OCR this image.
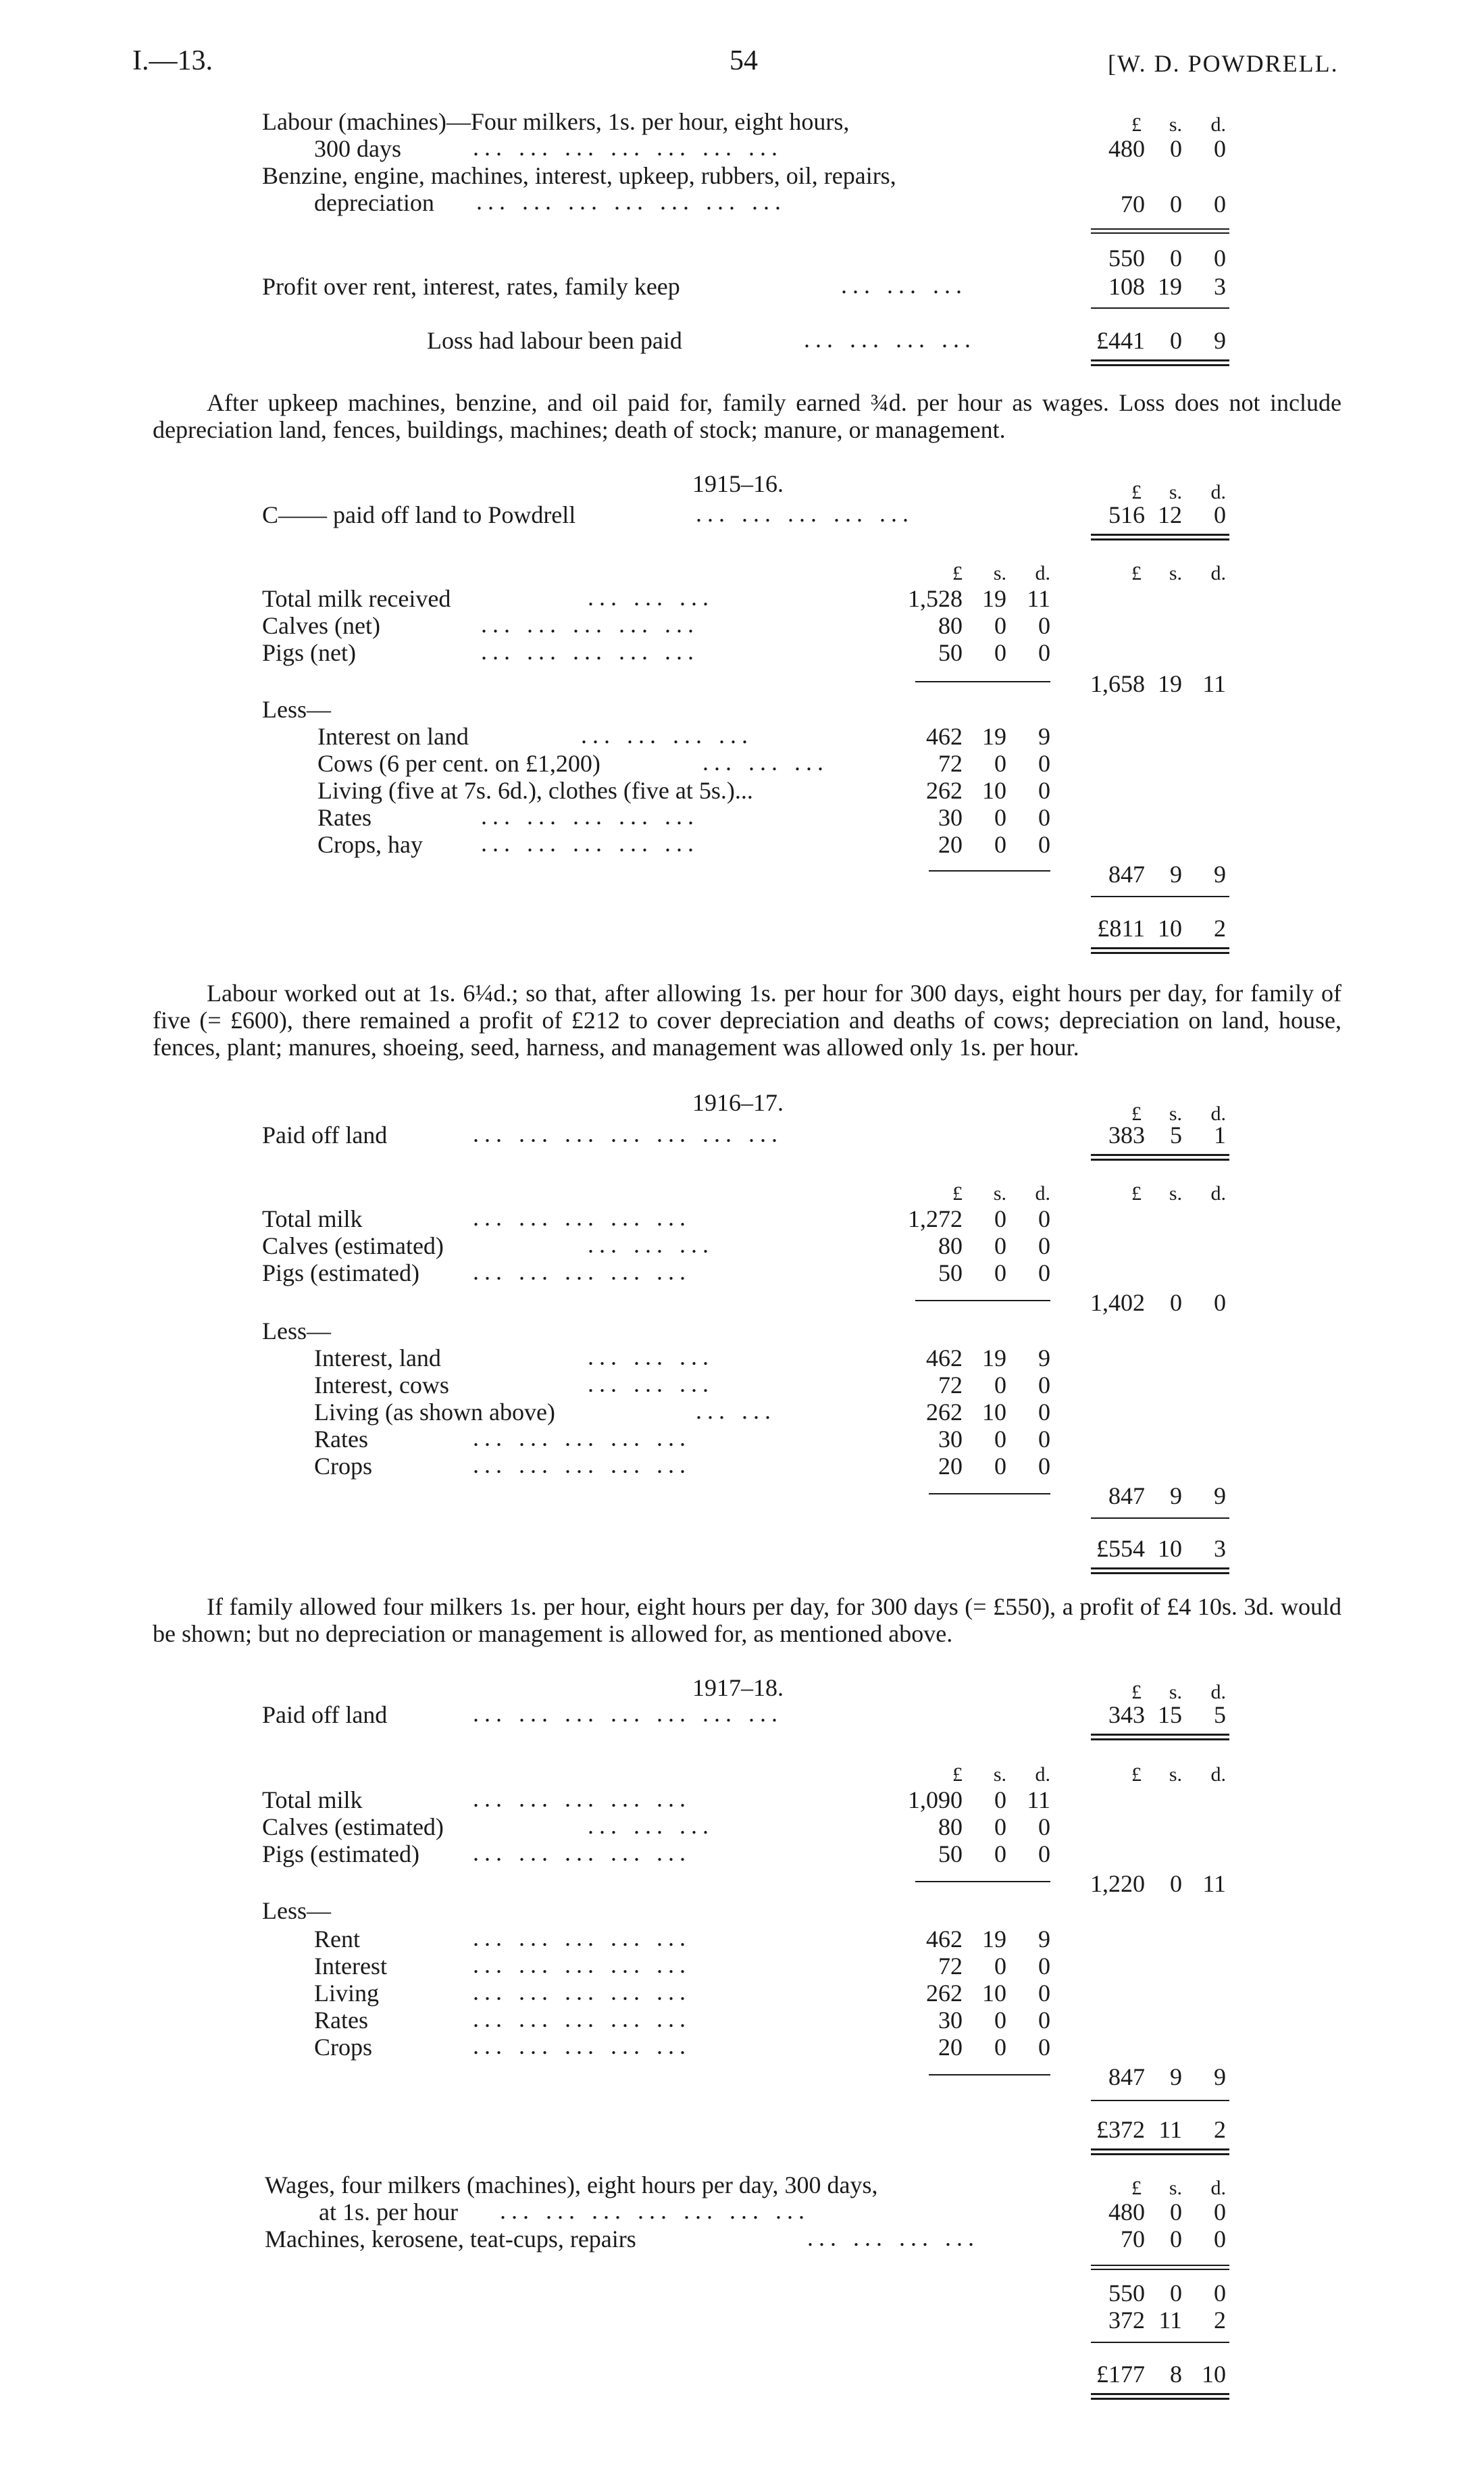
I.—13.	54	[W. D. POWDRELL.
£	s.	d.
Labour (machines)—Four milkers, 1s. per hour, eight hours,
300 days	... ... ... ... ... ... ...	480	0	0
Benzine, engine, machines, interest, upkeep, rubbers, oil, repairs,
depreciation ... ... ... ... ... ... ...	70	0	0
550	0	0
Profit over rent, interest, rates, family keep	... ... ...	108 19	3
Loss had labour been paid	... ... ... ...	£441	0	9
After upkeep machines, benzine, and oil paid for, family earned ¾d. per hour as wages. Loss does not include depreciation land, fences, buildings, machines; death of stock; manure, or management.
1915–16.	£	s.	d.
C—— paid off land to Powdrell	... ... ... ... ...	516 12	0
£	s.	d.	£	s.	d.
Total milk received	... ... ...	1,528 19 11
Calves (net)	... ... ... ... ...	80	0	0
Pigs (net)	... ... ... ... ...	50	0	0
1,658 19 11
Less—
Interest on land	... ... ... ...	462 19	9
Cows (6 per cent. on £1,200)	... ... ...	72	0	0
Living (five at 7s. 6d.), clothes (five at 5s.)...	262 10	0
Rates	... ... ... ... ...	30	0	0
Crops, hay ... ... ... ... ...	20	0	0
847	9	9
£811 10	2
Labour worked out at 1s. 6¼d.; so that, after allowing 1s. per hour for 300 days, eight hours per day, for family of five (= £600), there remained a profit of £212 to cover depreciation and deaths of cows; depreciation on land, house, fences, plant; manures, shoeing, seed, harness, and management was allowed only 1s. per hour.
1916–17.	£	s.	d.
Paid off land	... ... ... ... ... ... ...	383	5	1
£	s.	d.	£	s.	d.
Total milk	... ... ... ... ...	1,272	0	0
Calves (estimated)	... ... ...	80	0	0
Pigs (estimated) ... ... ... ... ...	50	0	0
1,402	0	0
Less—
Interest, land	... ... ...	462 19	9
Interest, cows	... ... ...	72	0	0
Living (as shown above)	... ...	262 10	0
Rates	... ... ... ... ...	30	0	0
Crops	... ... ... ... ...	20	0	0
847	9	9
£554 10	3
If family allowed four milkers 1s. per hour, eight hours per day, for 300 days (= £550), a profit of £4 10s. 3d. would be shown; but no depreciation or management is allowed for, as mentioned above.
1917–18.	£	s.	d.
Paid off land	... ... ... ... ... ... ...	343 15	5
£	s.	d.	£	s.	d.
Total milk	... ... ... ... ...	1,090	0 11
Calves (estimated)	... ... ...	80	0	0
Pigs (estimated) ... ... ... ... ...	50	0	0
1,220	0 11
Less—
Rent	... ... ... ... ...	462 19	9
Interest	... ... ... ... ...	72	0	0
Living	... ... ... ... ...	262 10	0
Rates	... ... ... ... ...	30	0	0
Crops	... ... ... ... ...	20	0	0
847	9	9
£372 11	2
£	s.	d.
Wages, four milkers (machines), eight hours per day, 300 days,
at 1s. per hour ... ... ... ... ... ... ...	480	0	0
Machines, kerosene, teat-cups, repairs	... ... ... ...	70	0	0
550	0	0
372 11	2
£177	8 10
